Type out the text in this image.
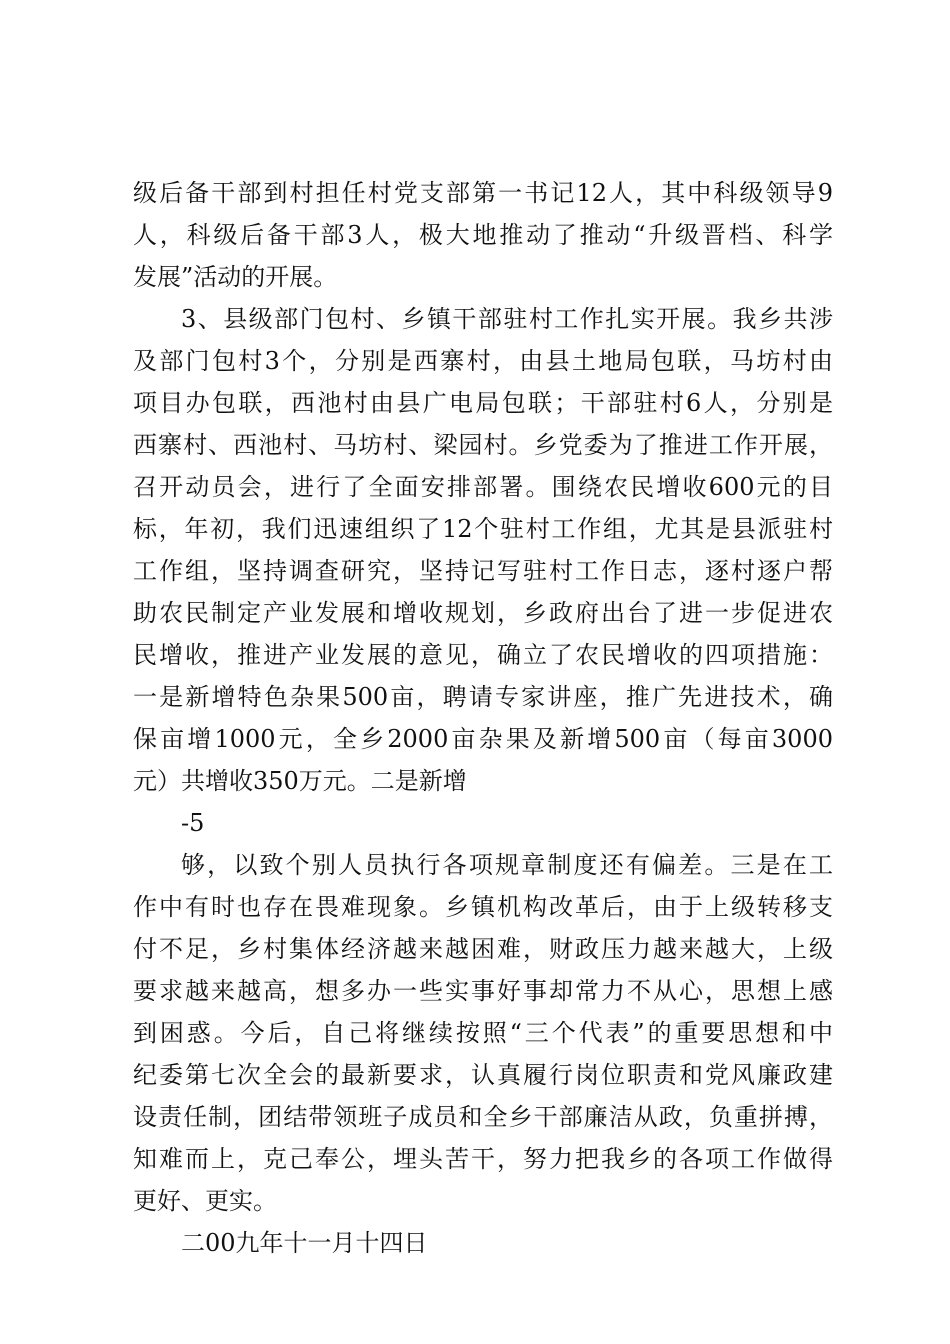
级后备干部到村担任村党支部第一书记12人，其中科级领导9
人，科级后备干部3人，极大地推动了推动“升级晋档、科学
发展”活动的开展。
3、县级部门包村、乡镇干部驻村工作扎实开展。我乡共涉
及部门包村3个，分别是西寨村，由县土地局包联，马坊村由
项目办包联，西池村由县广电局包联；干部驻村6人，分别是
西寨村、西池村、马坊村、梁园村。乡党委为了推进工作开展，
召开动员会，进行了全面安排部署。围绕农民增收600元的目
标，年初，我们迅速组织了12个驻村工作组，尤其是县派驻村
工作组，坚持调查研究，坚持记写驻村工作日志，逐村逐户帮
助农民制定产业发展和增收规划，乡政府出台了进一步促进农
民增收，推进产业发展的意见，确立了农民增收的四项措施：
一是新增特色杂果500亩，聘请专家讲座，推广先进技术，确
保亩增1000元，全乡2000亩杂果及新增500亩（每亩3000
元）共增收350万元。二是新增
-5
够，以致个别人员执行各项规章制度还有偏差。三是在工
作中有时也存在畏难现象。乡镇机构改革后，由于上级转移支
付不足，乡村集体经济越来越困难，财政压力越来越大，上级
要求越来越高，想多办一些实事好事却常力不从心，思想上感
到困惑。今后，自己将继续按照“三个代表”的重要思想和中
纪委第七次全会的最新要求，认真履行岗位职责和党风廉政建
设责任制，团结带领班子成员和全乡干部廉洁从政，负重拼搏，
知难而上，克己奉公，埋头苦干，努力把我乡的各项工作做得
更好、更实。
二00九年十一月十四日
